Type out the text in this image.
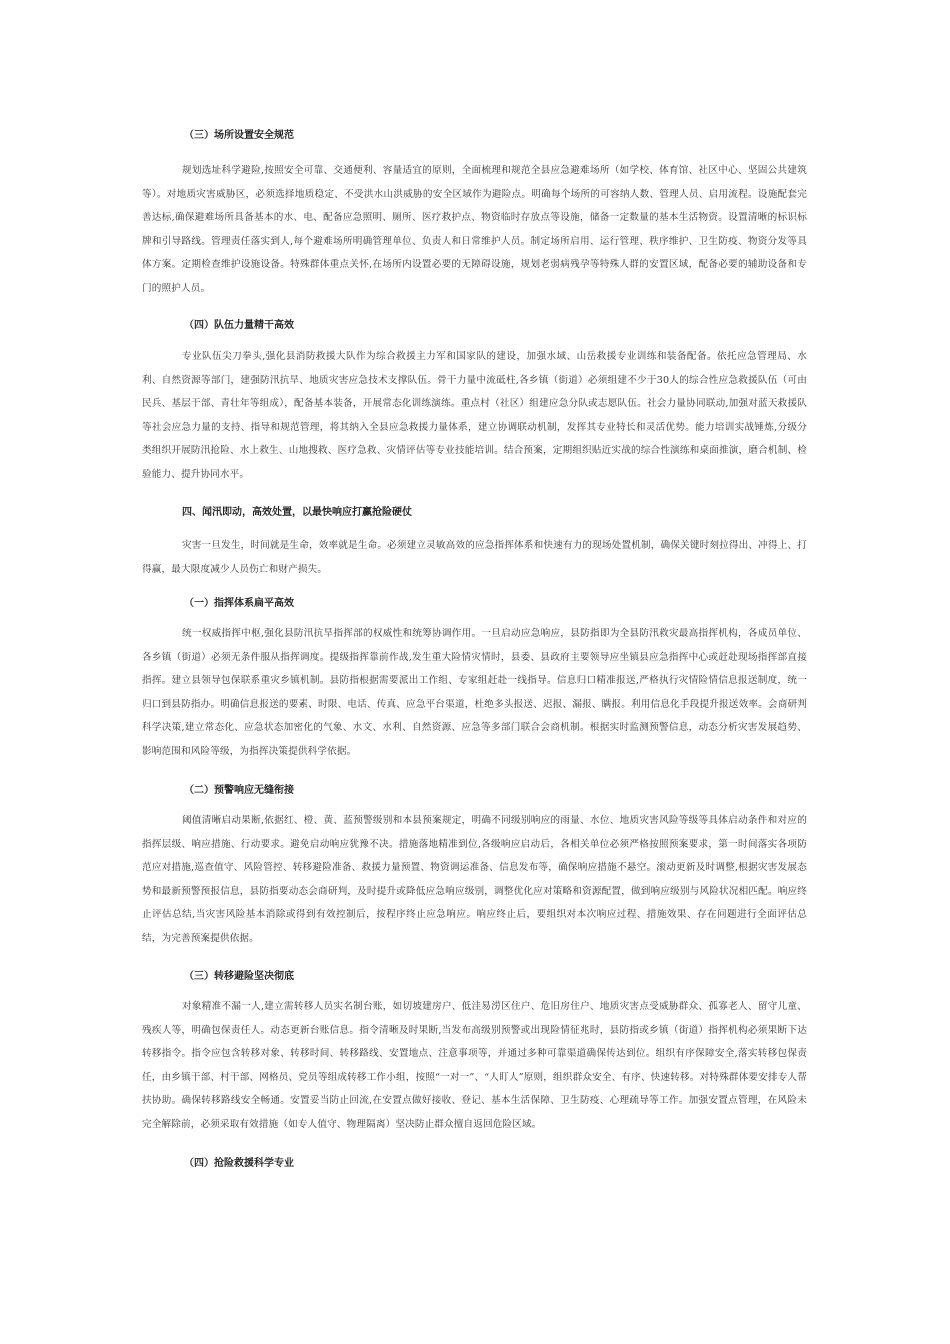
（三）场所设置安全规范
规划选址科学避险,按照安全可靠、交通便利、容量适宜的原则，全面梳理和规范全县应急避难场所（如学校、体育馆、社区中心、坚固公共建筑等）。对地质灾害威胁区，必须选择地质稳定、不受洪水山洪威胁的安全区域作为避险点。明确每个场所的可容纳人数、管理人员、启用流程。设施配套完善达标,确保避难场所具备基本的水、电、配备应急照明、厕所、医疗救护点、物资临时存放点等设施，储备一定数量的基本生活物资。设置清晰的标识标牌和引导路线。管理责任落实到人,每个避难场所明确管理单位、负责人和日常维护人员。制定场所启用、运行管理、秩序维护、卫生防疫、物资分发等具体方案。定期检查维护设施设备。特殊群体重点关怀,在场所内设置必要的无障碍设施，规划老弱病残孕等特殊人群的安置区域，配备必要的辅助设备和专门的照护人员。
（四）队伍力量精干高效
专业队伍尖刀拳头,强化县消防救援大队作为综合救援主力军和国家队的建设，加强水域、山岳救援专业训练和装备配备。依托应急管理局、水利、自然资源等部门，建强防汛抗旱、地质灾害应急技术支撑队伍。骨干力量中流砥柱,各乡镇（街道）必须组建不少于30人的综合性应急救援队伍（可由民兵、基层干部、青壮年等组成），配备基本装备，开展常态化训练演练。重点村（社区）组建应急分队或志愿队伍。社会力量协同联动,加强对蓝天救援队等社会应急力量的支持、指导和规范管理，将其纳入全县应急救援力量体系，建立协调联动机制，发挥其专业特长和灵活优势。能力培训实战锤炼,分级分类组织开展防汛抢险、水上救生、山地搜救、医疗急救、灾情评估等专业技能培训。结合预案，定期组织贴近实战的综合性演练和桌面推演，磨合机制、检验能力、提升协同水平。
四、闻汛即动，高效处置，以最快响应打赢抢险硬仗
灾害一旦发生，时间就是生命，效率就是生命。必须建立灵敏高效的应急指挥体系和快速有力的现场处置机制，确保关键时刻拉得出、冲得上、打得赢，最大限度减少人员伤亡和财产损失。
（一）指挥体系扁平高效
统一权威指挥中枢,强化县防汛抗旱指挥部的权威性和统筹协调作用。一旦启动应急响应，县防指即为全县防汛救灾最高指挥机构，各成员单位、各乡镇（街道）必须无条件服从指挥调度。提级指挥靠前作战,发生重大险情灾情时，县委、县政府主要领导应坐镇县应急指挥中心或赶赴现场指挥部直接指挥。建立县领导包保联系重灾乡镇机制。县防指根据需要派出工作组、专家组赶赴一线指导。信息归口精准报送,严格执行灾情险情信息报送制度，统一归口到县防指办。明确信息报送的要素、时限、电话、传真、应急平台渠道，杜绝多头报送、迟报、漏报、瞒报。利用信息化手段提升报送效率。会商研判科学决策,建立常态化、应急状态加密化的气象、水文、水利、自然资源、应急等多部门联合会商机制。根据实时监测预警信息，动态分析灾害发展趋势、影响范围和风险等级，为指挥决策提供科学依据。
（二）预警响应无缝衔接
阈值清晰启动果断,依据红、橙、黄、蓝预警级别和本县预案规定，明确不同级别响应的雨量、水位、地质灾害风险等级等具体启动条件和对应的指挥层级、响应措施、行动要求。避免启动响应犹豫不决。措施落地精准到位,各级响应启动后，各相关单位必须严格按照预案要求，第一时间落实各项防范应对措施,巡查值守、风险管控、转移避险准备、救援力量预置、物资调运准备、信息发布等，确保响应措施不悬空。滚动更新及时调整,根据灾害发展态势和最新预警预报信息，县防指要动态会商研判，及时提升或降低应急响应级别，调整优化应对策略和资源配置，做到响应级别与风险状况相匹配。响应终止评估总结,当灾害风险基本消除或得到有效控制后，按程序终止应急响应。响应终止后，要组织对本次响应过程、措施效果、存在问题进行全面评估总结，为完善预案提供依据。
（三）转移避险坚决彻底
对象精准不漏一人,建立需转移人员实名制台账，如切坡建房户、低洼易涝区住户、危旧房住户、地质灾害点受威胁群众、孤寡老人、留守儿童、残疾人等，明确包保责任人。动态更新台账信息。指令清晰及时果断,当发布高级别预警或出现险情征兆时，县防指或乡镇（街道）指挥机构必须果断下达转移指令。指令应包含转移对象、转移时间、转移路线、安置地点、注意事项等，并通过多种可靠渠道确保传达到位。组织有序保障安全,落实转移包保责任，由乡镇干部、村干部、网格员、党员等组成转移工作小组，按照“一对一”、“人盯人”原则，组织群众安全、有序、快速转移。对特殊群体要安排专人帮扶协助。确保转移路线安全畅通。安置妥当防止回流,在安置点做好接收、登记、基本生活保障、卫生防疫、心理疏导等工作。加强安置点管理，在风险未完全解除前，必须采取有效措施（如专人值守、物理隔离）坚决防止群众擅自返回危险区域。
（四）抢险救援科学专业
